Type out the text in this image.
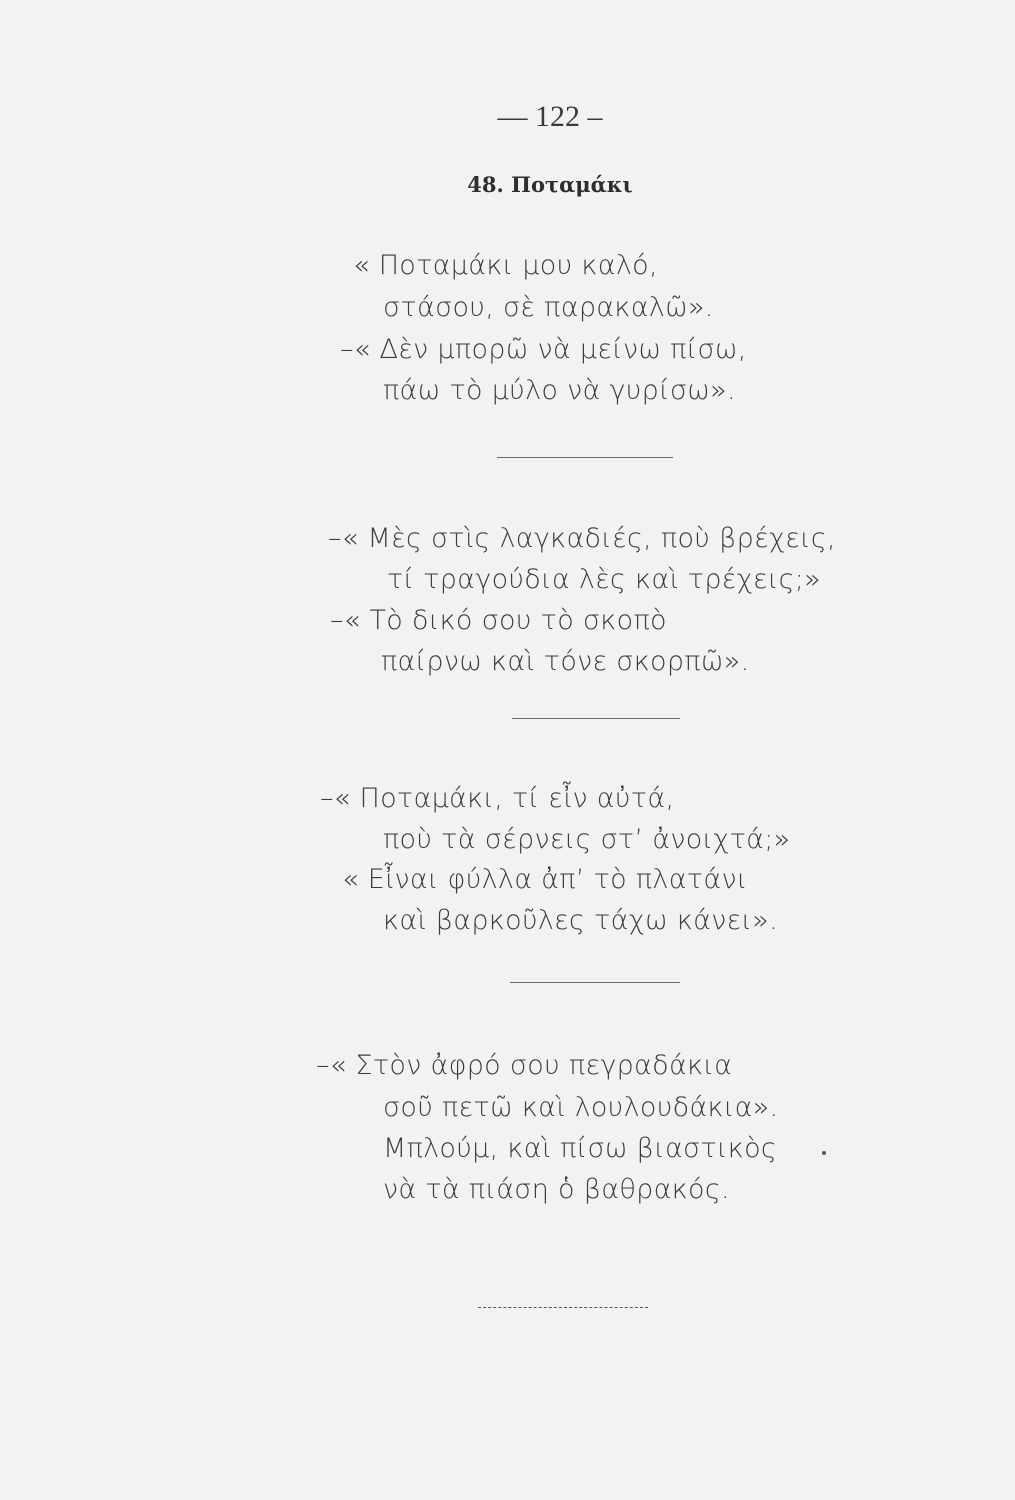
— 122 –
48. Ποταμάκι
« Ποταμάκι μου καλό,
στάσου, σὲ παρακαλῶ».
–« Δὲν μπορῶ νὰ μείνω πίσω,
πάω τὸ μύλο νὰ γυρίσω».
–« Μὲς στὶς λαγκαδιές, ποὺ βρέχεις,
τί τραγούδια λὲς καὶ τρέχεις;»
–« Τὸ δικό σου τὸ σκοπὸ
παίρνω καὶ τόνε σκορπῶ».
–« Ποταμάκι, τί εἶν αὐτά,
ποὺ τὰ σέρνεις στ’ ἀνοιχτά;»
« Εἶναι φύλλα ἀπ’ τὸ πλατάνι
καὶ βαρκοῦλες τάχω κάνει».
–« Στὸν ἀφρό σου πεγραδάκια
σοῦ πετῶ καὶ λουλουδάκια».
Μπλούμ, καὶ πίσω βιαστικὸς
νὰ τὰ πιάση ὁ βαθρακός.
